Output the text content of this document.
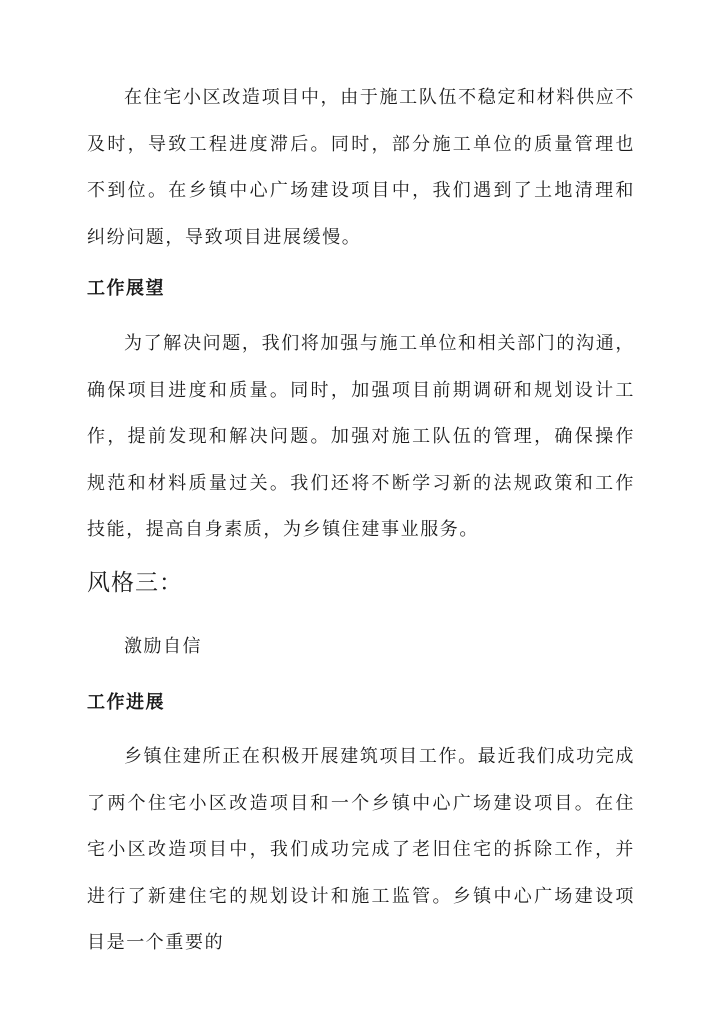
在住宅小区改造项目中，由于施工队伍不稳定和材料供应不及时，导致工程进度滞后。同时，部分施工单位的质量管理也不到位。在乡镇中心广场建设项目中，我们遇到了土地清理和纠纷问题，导致项目进展缓慢。

工作展望

为了解决问题，我们将加强与施工单位和相关部门的沟通，确保项目进度和质量。同时，加强项目前期调研和规划设计工作，提前发现和解决问题。加强对施工队伍的管理，确保操作规范和材料质量过关。我们还将不断学习新的法规政策和工作技能，提高自身素质，为乡镇住建事业服务。

风格三：

激励自信

工作进展

乡镇住建所正在积极开展建筑项目工作。最近我们成功完成了两个住宅小区改造项目和一个乡镇中心广场建设项目。在住宅小区改造项目中，我们成功完成了老旧住宅的拆除工作，并进行了新建住宅的规划设计和施工监管。乡镇中心广场建设项目是一个重要的
